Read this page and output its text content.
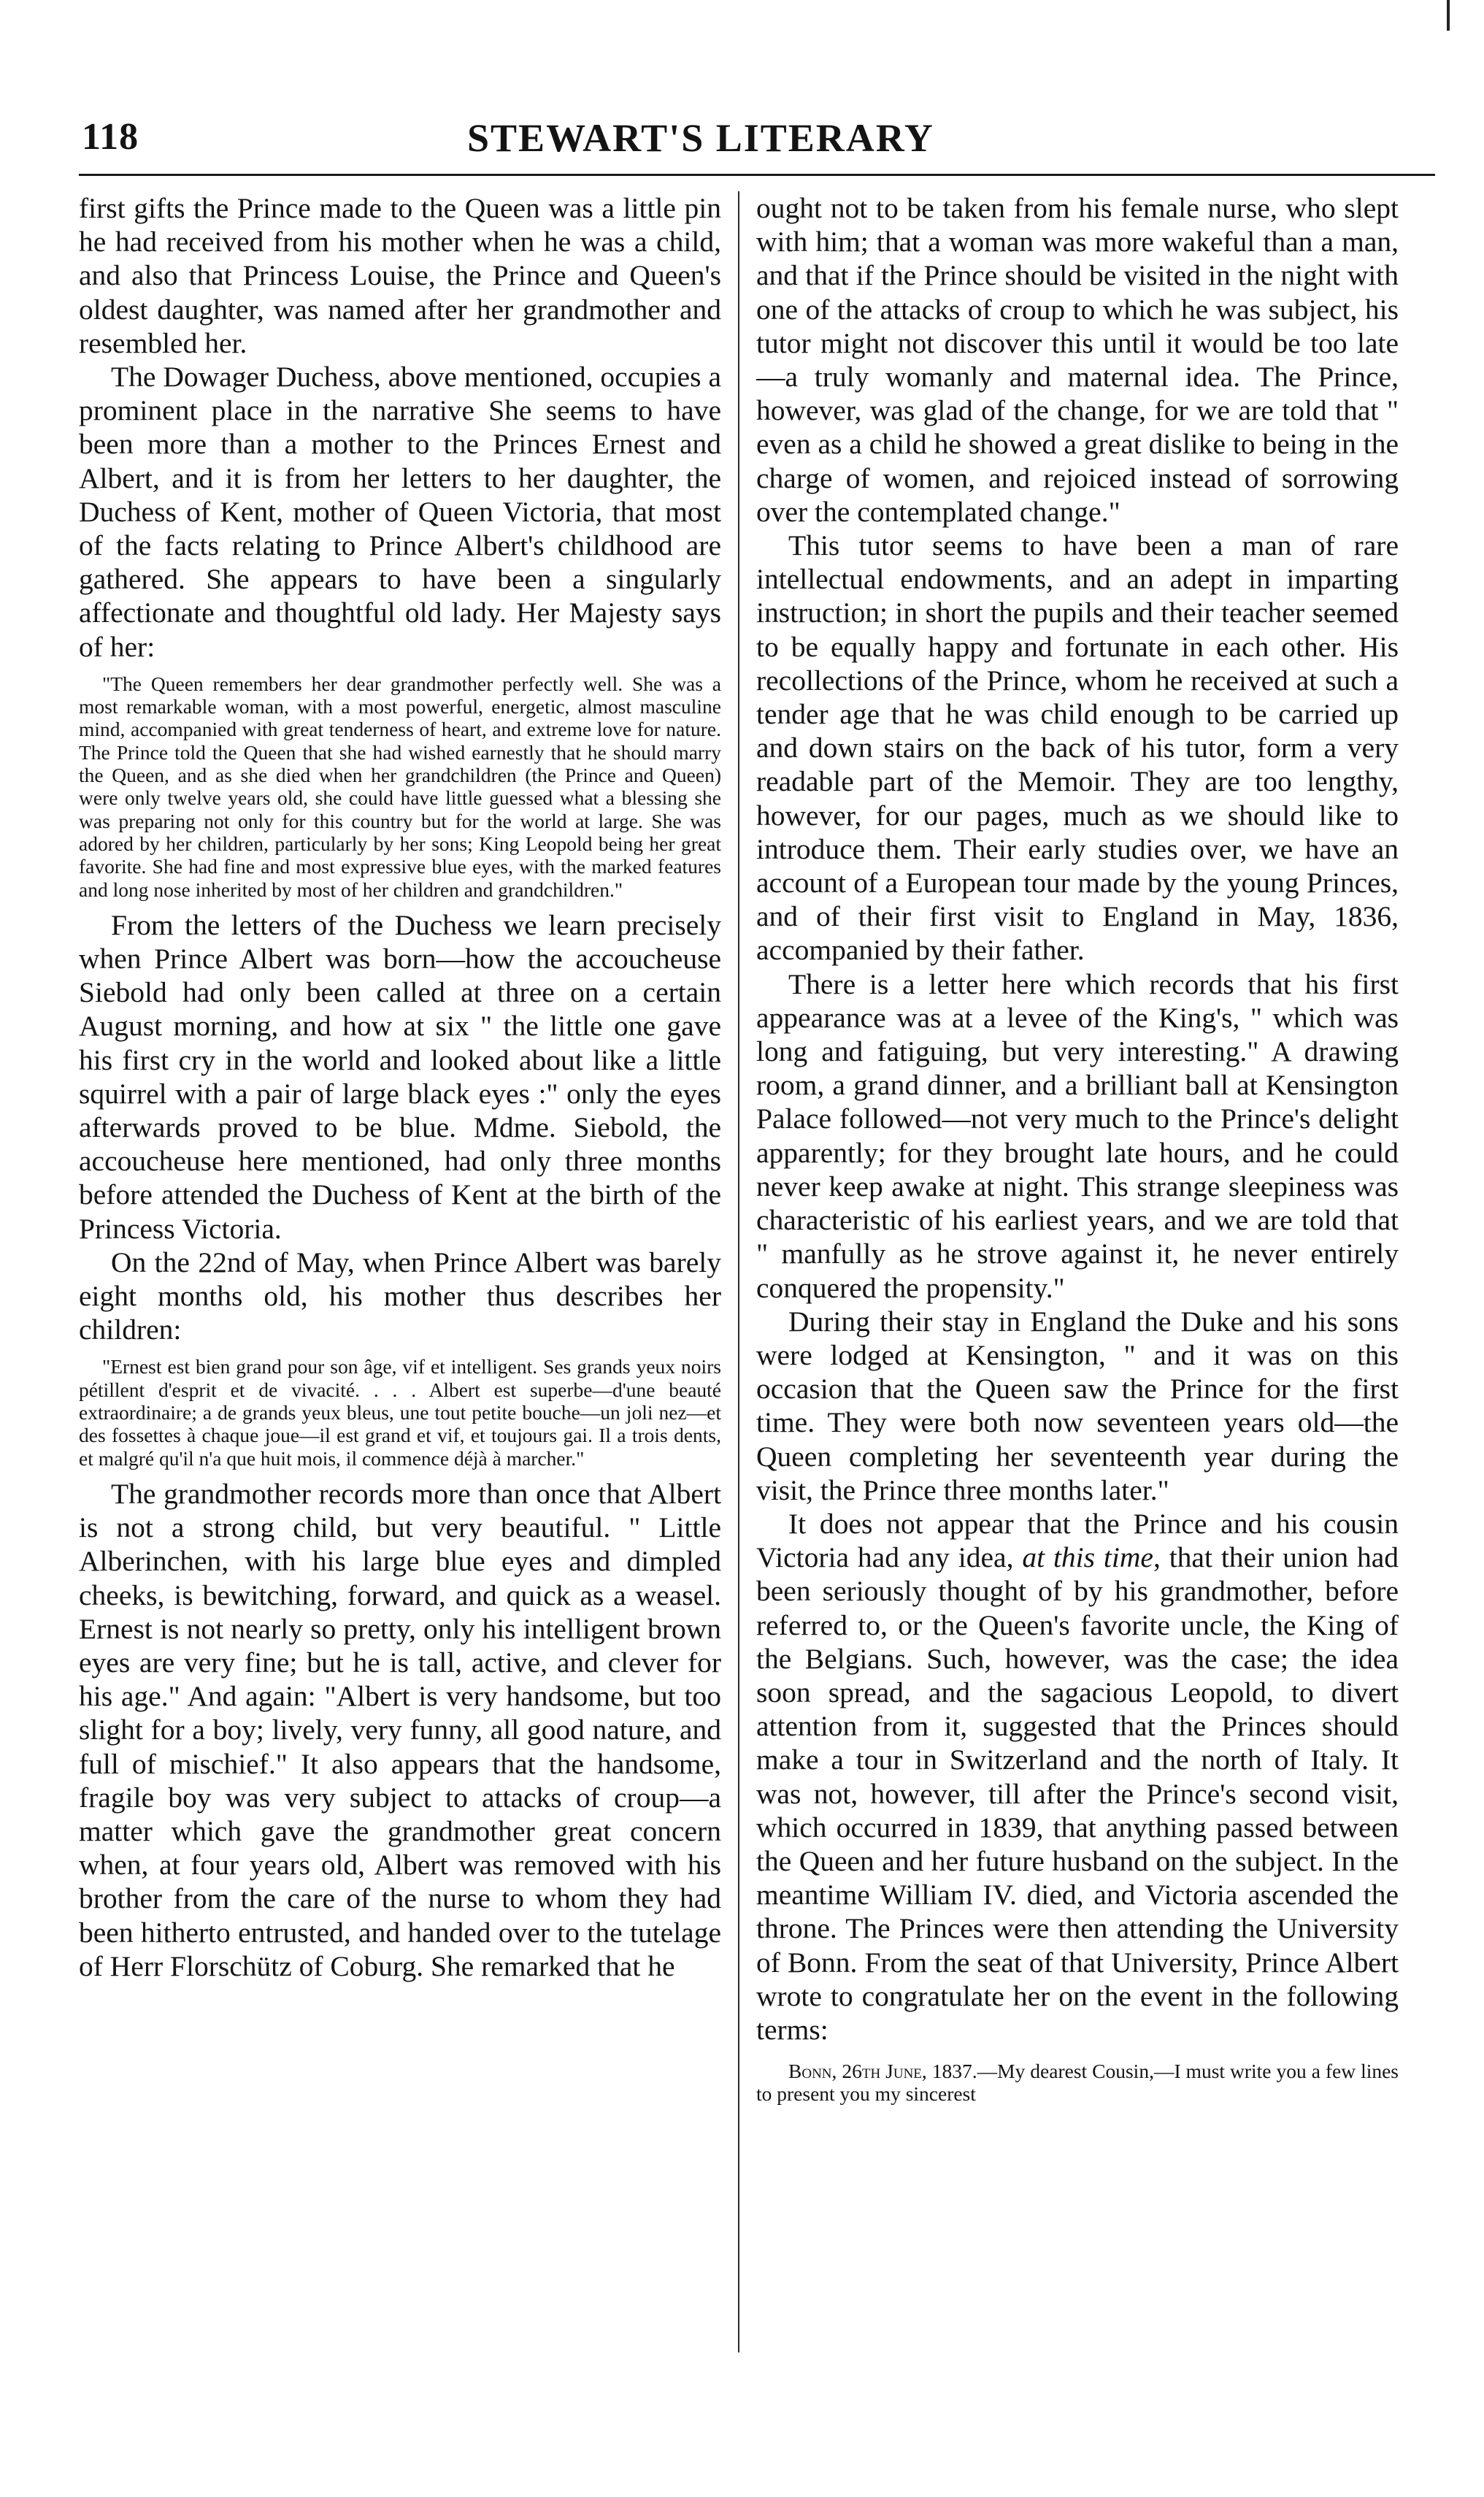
118	STEWART'S LITERARY

first gifts the Prince made to the Queen was a little pin he had received from his mother when he was a child, and also that Princess Louise, the Prince and Queen's oldest daughter, was named after her grandmother and resembled her.

The Dowager Duchess, above mentioned, occupies a prominent place in the narrative She seems to have been more than a mother to the Princes Ernest and Albert, and it is from her letters to her daughter, the Duchess of Kent, mother of Queen Victoria, that most of the facts relating to Prince Albert's childhood are gathered. She appears to have been a singularly affectionate and thoughtful old lady. Her Majesty says of her:

"The Queen remembers her dear grandmother perfectly well. She was a most remarkable woman, with a most powerful, energetic, almost masculine mind, accompanied with great tenderness of heart, and extreme love for nature. The Prince told the Queen that she had wished earnestly that he should marry the Queen, and as she died when her grandchildren (the Prince and Queen) were only twelve years old, she could have little guessed what a blessing she was preparing not only for this country but for the world at large. She was adored by her children, particularly by her sons; King Leopold being her great favorite. She had fine and most expressive blue eyes, with the marked features and long nose inherited by most of her children and grandchildren."

From the letters of the Duchess we learn precisely when Prince Albert was born—how the accoucheuse Siebold had only been called at three on a certain August morning, and how at six " the little one gave his first cry in the world and looked about like a little squirrel with a pair of large black eyes :" only the eyes afterwards proved to be blue. Mdme. Siebold, the accoucheuse here mentioned, had only three months before attended the Duchess of Kent at the birth of the Princess Victoria.

On the 22nd of May, when Prince Albert was barely eight months old, his mother thus describes her children:

"Ernest est bien grand pour son âge, vif et intelligent. Ses grands yeux noirs pétillent d'esprit et de vivacité. . . . Albert est superbe—d'une beauté extraordinaire; a de grands yeux bleus, une tout petite bouche—un joli nez—et des fossettes à chaque joue—il est grand et vif, et toujours gai. Il a trois dents, et malgré qu'il n'a que huit mois, il commence déjà à marcher."

The grandmother records more than once that Albert is not a strong child, but very beautiful. " Little Alberinchen, with his large blue eyes and dimpled cheeks, is bewitching, forward, and quick as a weasel. Ernest is not nearly so pretty, only his intelligent brown eyes are very fine; but he is tall, active, and clever for his age." And again: "Albert is very handsome, but too slight for a boy; lively, very funny, all good nature, and full of mischief." It also appears that the handsome, fragile boy was very subject to attacks of croup—a matter which gave the grandmother great concern when, at four years old, Albert was removed with his brother from the care of the nurse to whom they had been hitherto entrusted, and handed over to the tutelage of Herr Florschütz of Coburg. She remarked that he

ought not to be taken from his female nurse, who slept with him; that a woman was more wakeful than a man, and that if the Prince should be visited in the night with one of the attacks of croup to which he was subject, his tutor might not discover this until it would be too late—a truly womanly and maternal idea. The Prince, however, was glad of the change, for we are told that " even as a child he showed a great dislike to being in the charge of women, and rejoiced instead of sorrowing over the contemplated change."

This tutor seems to have been a man of rare intellectual endowments, and an adept in imparting instruction; in short the pupils and their teacher seemed to be equally happy and fortunate in each other. His recollections of the Prince, whom he received at such a tender age that he was child enough to be carried up and down stairs on the back of his tutor, form a very readable part of the Memoir. They are too lengthy, however, for our pages, much as we should like to introduce them. Their early studies over, we have an account of a European tour made by the young Princes, and of their first visit to England in May, 1836, accompanied by their father.

There is a letter here which records that his first appearance was at a levee of the King's, " which was long and fatiguing, but very interesting." A drawing room, a grand dinner, and a brilliant ball at Kensington Palace followed—not very much to the Prince's delight apparently; for they brought late hours, and he could never keep awake at night. This strange sleepiness was characteristic of his earliest years, and we are told that " manfully as he strove against it, he never entirely conquered the propensity."

During their stay in England the Duke and his sons were lodged at Kensington, " and it was on this occasion that the Queen saw the Prince for the first time. They were both now seventeen years old—the Queen completing her seventeenth year during the visit, the Prince three months later."

It does not appear that the Prince and his cousin Victoria had any idea, at this time, that their union had been seriously thought of by his grandmother, before referred to, or the Queen's favorite uncle, the King of the Belgians. Such, however, was the case; the idea soon spread, and the sagacious Leopold, to divert attention from it, suggested that the Princes should make a tour in Switzerland and the north of Italy. It was not, however, till after the Prince's second visit, which occurred in 1839, that anything passed between the Queen and her future husband on the subject. In the meantime William IV. died, and Victoria ascended the throne. The Princes were then attending the University of Bonn. From the seat of that University, Prince Albert wrote to congratulate her on the event in the following terms:

Bonn, 26th June, 1837.—My dearest Cousin,—I must write you a few lines to present you my sincerest
